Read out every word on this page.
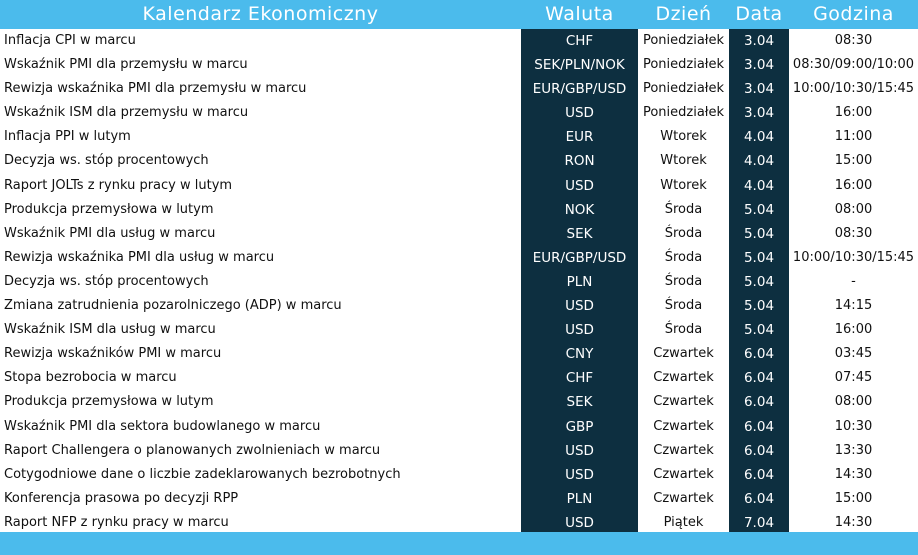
Kalendarz Ekonomiczny	Waluta	Dzień	Data	Godzina
Inflacja CPI w marcu	CHF	Poniedziałek	3.04	08:30
Wskaźnik PMI dla przemysłu w marcu	SEK/PLN/NOK	Poniedziałek	3.04	08:30/09:00/10:00
Rewizja wskaźnika PMI dla przemysłu w marcu	EUR/GBP/USD	Poniedziałek	3.04	10:00/10:30/15:45
Wskaźnik ISM dla przemysłu w marcu	USD	Poniedziałek	3.04	16:00
Inflacja PPI w lutym	EUR	Wtorek	4.04	11:00
Decyzja ws. stóp procentowych	RON	Wtorek	4.04	15:00
Raport JOLTs z rynku pracy w lutym	USD	Wtorek	4.04	16:00
Produkcja przemysłowa w lutym	NOK	Środa	5.04	08:00
Wskaźnik PMI dla usług w marcu	SEK	Środa	5.04	08:30
Rewizja wskaźnika PMI dla usług w marcu	EUR/GBP/USD	Środa	5.04	10:00/10:30/15:45
Decyzja ws. stóp procentowych	PLN	Środa	5.04	-
Zmiana zatrudnienia pozarolniczego (ADP) w marcu	USD	Środa	5.04	14:15
Wskaźnik ISM dla usług w marcu	USD	Środa	5.04	16:00
Rewizja wskaźników PMI w marcu	CNY	Czwartek	6.04	03:45
Stopa bezrobocia w marcu	CHF	Czwartek	6.04	07:45
Produkcja przemysłowa w lutym	SEK	Czwartek	6.04	08:00
Wskaźnik PMI dla sektora budowlanego w marcu	GBP	Czwartek	6.04	10:30
Raport Challengera o planowanych zwolnieniach w marcu	USD	Czwartek	6.04	13:30
Cotygodniowe dane o liczbie zadeklarowanych bezrobotnych	USD	Czwartek	6.04	14:30
Konferencja prasowa po decyzji RPP	PLN	Czwartek	6.04	15:00
Raport NFP z rynku pracy w marcu	USD	Piątek	7.04	14:30
